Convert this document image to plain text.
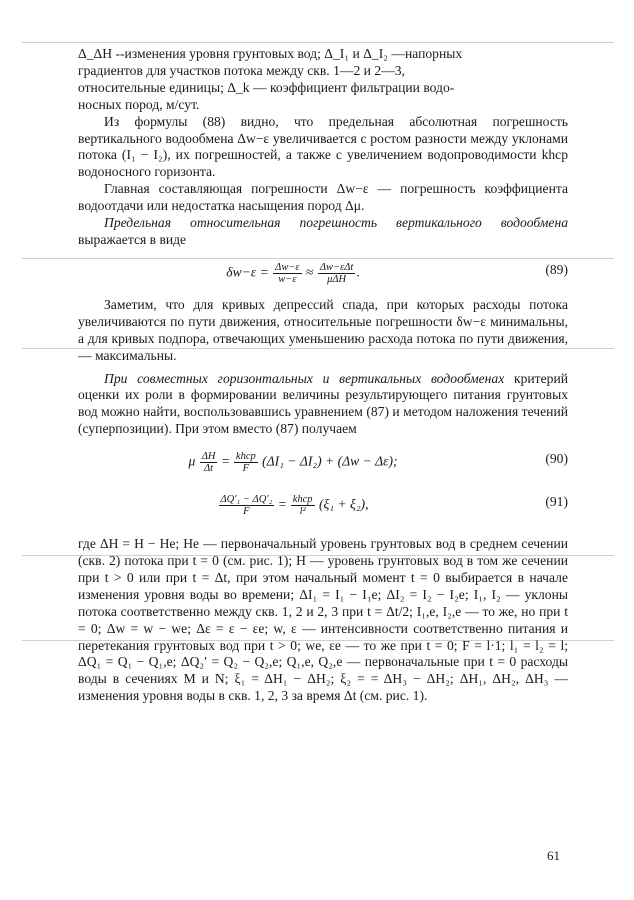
Δ_ΔН --изменения уровня грунтовых вод; Δ_I₁ и Δ_I₂ —напорных

градиентов для участков потока между скв. 1—2 и 2—3,

относительные единицы; Δ_k — коэффициент фильтрации водо-

носных пород, м/сут.

Из формулы (88) видно, что предельная абсолютная погрешность вертикального водообмена Δw−ε увеличивается с ростом разности между уклонами потока (I₁ − I₂), их погрешностей, а также с увеличением водопроводимости khср водоносного горизонта.

Главная составляющая погрешности Δw−ε — погрешность коэффициента водоотдачи или недостатка насыщения пород Δμ.

Предельная относительная погрешность вертикального водообмена выражается в виде

$\delta w-\varepsilon = \frac{\Delta w-\varepsilon}{w-\varepsilon} \approx \frac{\text{Δw−εΔt}}{\text{μΔH}}$ .	(89)

Заметим, что для кривых депрессий спада, при которых расходы потока увеличиваются по пути движения, относительные погрешности δw−ε минимальны, а для кривых подпора, отвечающих уменьшению расхода потока по пути движения,— максимальны.

При совместных горизонтальных и вертикальных водообменах критерий оценки их роли в формировании величины результирующего питания грунтовых вод можно найти, воспользовавшись уравнением (87) и методом наложения течений (суперпозиции). При этом вместо (87) получаем

μ $\frac{\Delta H}{\Delta t} = \frac{\text{khср}}{F} (\Delta I_1 - \Delta I_2) + (\Delta w - \Delta\varepsilon)$;	(90)
$\frac{\text{ΔQ′₁ − ΔQ′₂}}{F} = \frac{\text{khср}}{\text{l²}} (\xi_1 + \xi_2)$,	(91)

где ΔH = H − He; He — первоначальный уровень грунтовых вод в среднем сечении (скв. 2) потока при t = 0 (см. рис. 1); H — уровень грунтовых вод в том же сечении при t > 0 или при t = Δt, при этом начальный момент t = 0 выбирается в начале изменения уровня воды во времени; ΔI₁ = I₁ − I₁е; ΔI₂ = I₂ − I₂е; I₁, I₂ — уклоны потока соответственно между скв. 1, 2 и 2, 3 при t = Δt/2; I₁,е, I₂,е — то же, но при t = 0; Δw = w − wе; Δε = ε − εе; w, ε — интенсивности соответственно питания и перетекания грунтовых вод при t > 0; wе, εе — то же при t = 0; F = l·1; l₁ = l₂ = l; ΔQ₁ = Q₁ − Q₁,е; ΔQ₂′ = Q₂ − Q₂,е; Q₁,е, Q₂,е — первоначальные при t = 0 расходы воды в сечениях M и N; ξ₁ = ΔH₁ − ΔH₂; ξ₂ = = ΔH₃ − ΔH₂; ΔH₁, ΔH₂, ΔH₃ — изменения уровня воды в скв. 1, 2, 3 за время Δt (см. рис. 1).

61
